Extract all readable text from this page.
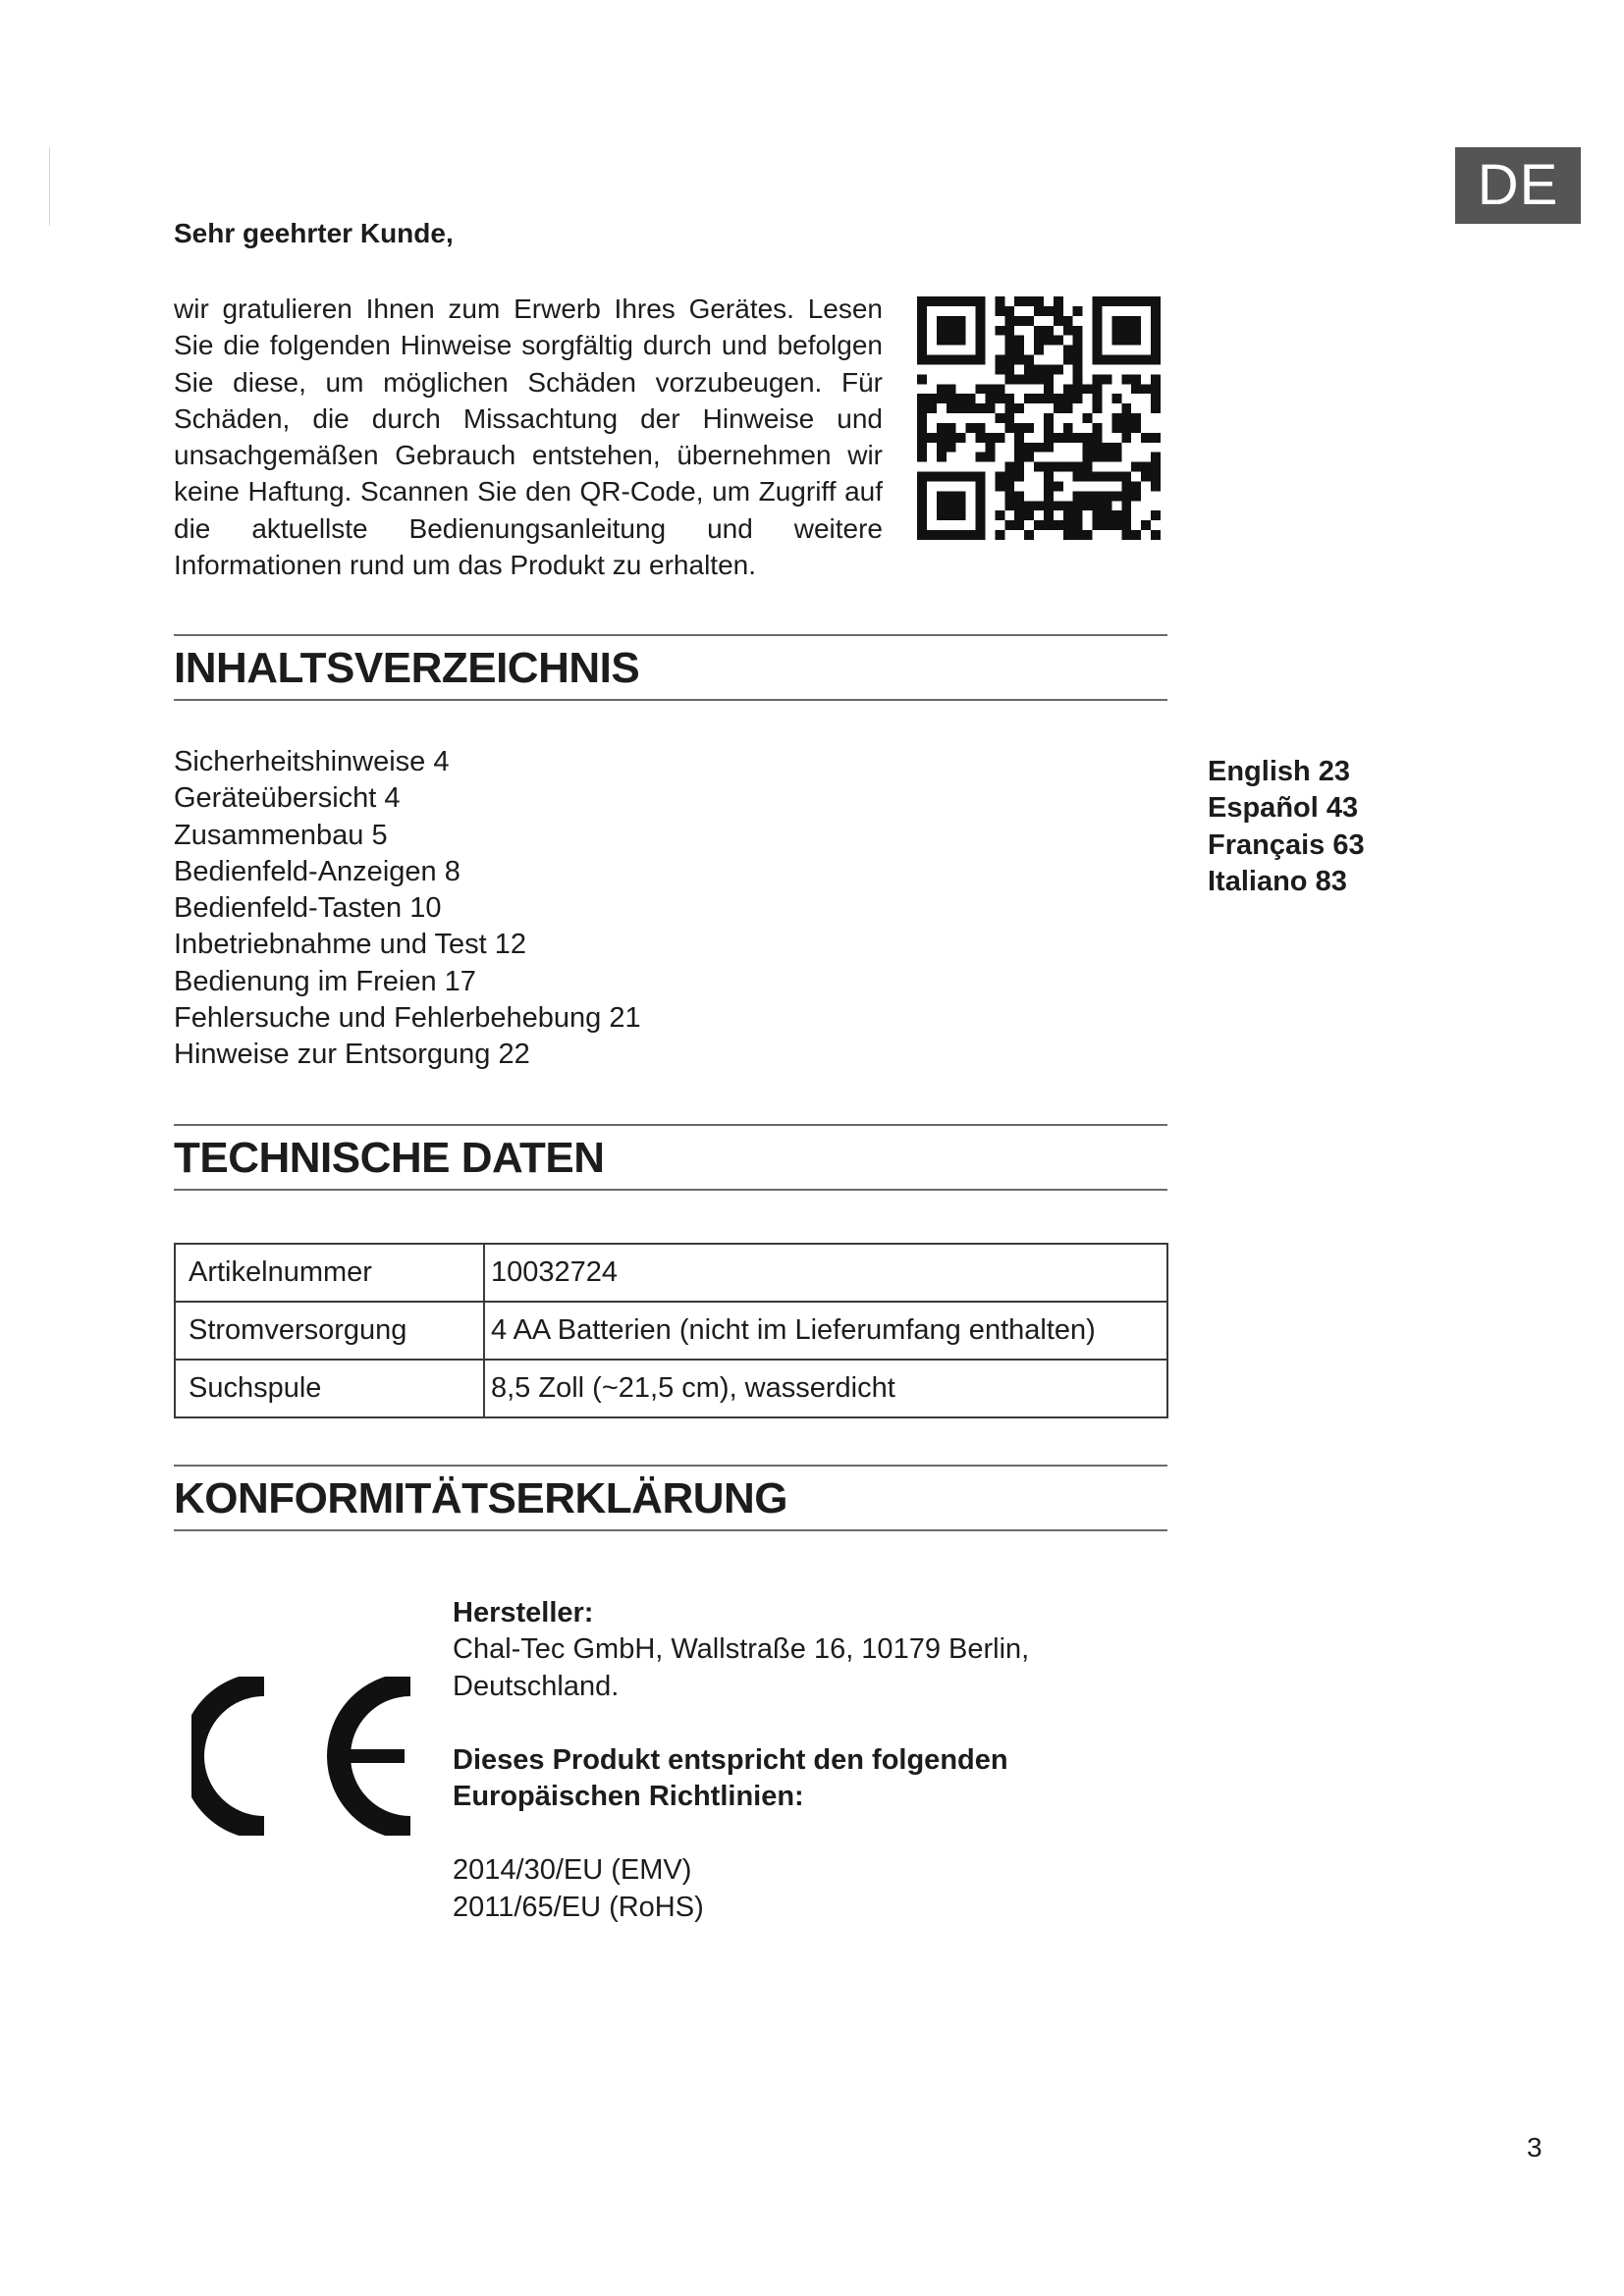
DE
Sehr geehrter Kunde,
wir gratulieren Ihnen zum Erwerb Ihres Gerätes. Lesen Sie die folgenden Hinweise sorgfältig durch und befolgen Sie diese, um möglichen Schäden vorzubeugen. Für Schäden, die durch Missachtung der Hinweise und unsachgemäßen Gebrauch entstehen, übernehmen wir keine Haftung. Scannen Sie den QR-Code, um Zugriff auf die aktuellste Bedienungsanleitung und weitere Informationen rund um das Produkt zu erhalten.
INHALTSVERZEICHNIS
Sicherheitshinweise 4
Geräteübersicht 4
Zusammenbau 5
Bedienfeld-Anzeigen 8
Bedienfeld-Tasten 10
Inbetriebnahme und Test 12
Bedienung im Freien 17
Fehlersuche und Fehlerbehebung 21
Hinweise zur Entsorgung 22
English 23
Español 43
Français 63
Italiano 83
TECHNISCHE DATEN
Artikelnummer	10032724
Stromversorgung	4 AA Batterien (nicht im Lieferumfang enthalten)
Suchspule	8,5 Zoll (~21,5 cm), wasserdicht
KONFORMITÄTSERKLÄRUNG
Hersteller:
Chal-Tec GmbH, Wallstraße 16, 10179 Berlin,
Deutschland.
Dieses Produkt entspricht den folgenden
Europäischen Richtlinien:
2014/30/EU (EMV)
2011/65/EU (RoHS)
3
